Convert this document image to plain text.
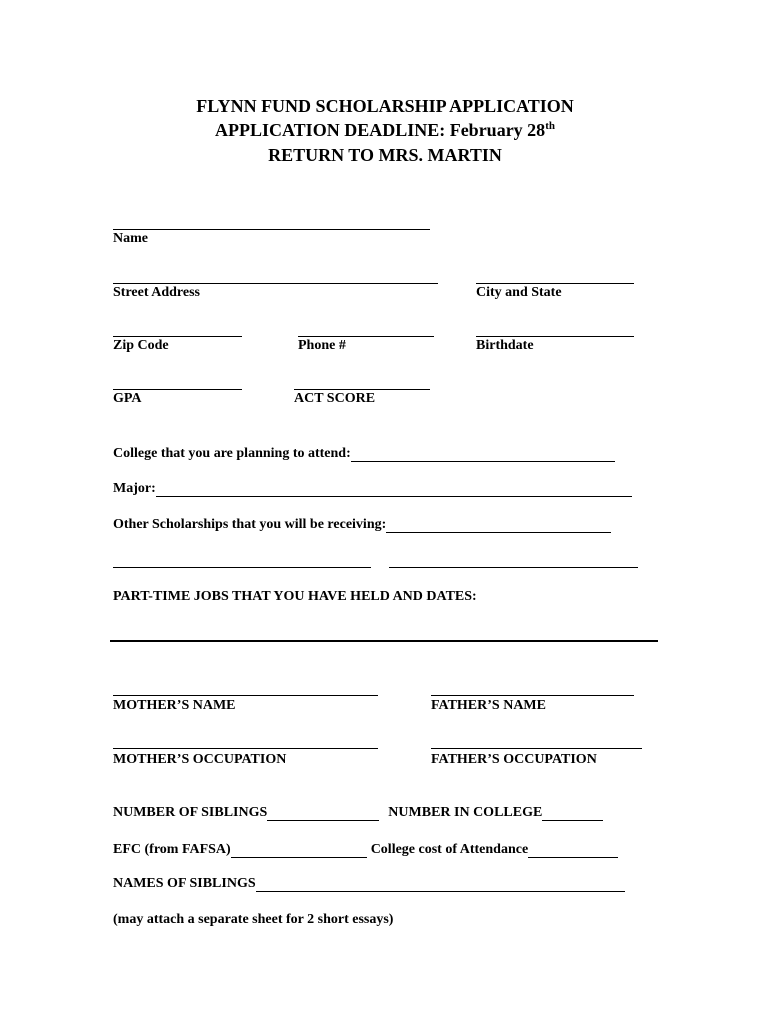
FLYNN FUND SCHOLARSHIP APPLICATION
APPLICATION DEADLINE: February 28th
RETURN TO MRS. MARTIN
Name
Street Address	City and State
Zip Code	Phone #	Birthdate
GPA	ACT SCORE
College that you are planning to attend:
Major:
Other Scholarships that you will be receiving:
PART-TIME JOBS THAT YOU HAVE HELD AND DATES:
MOTHER’S NAME	FATHER’S NAME
MOTHER’S OCCUPATION	FATHER’S OCCUPATION
NUMBER OF SIBLINGS	NUMBER IN COLLEGE
EFC (from FAFSA)	College cost of Attendance
NAMES OF SIBLINGS
(may attach a separate sheet for 2 short essays)
